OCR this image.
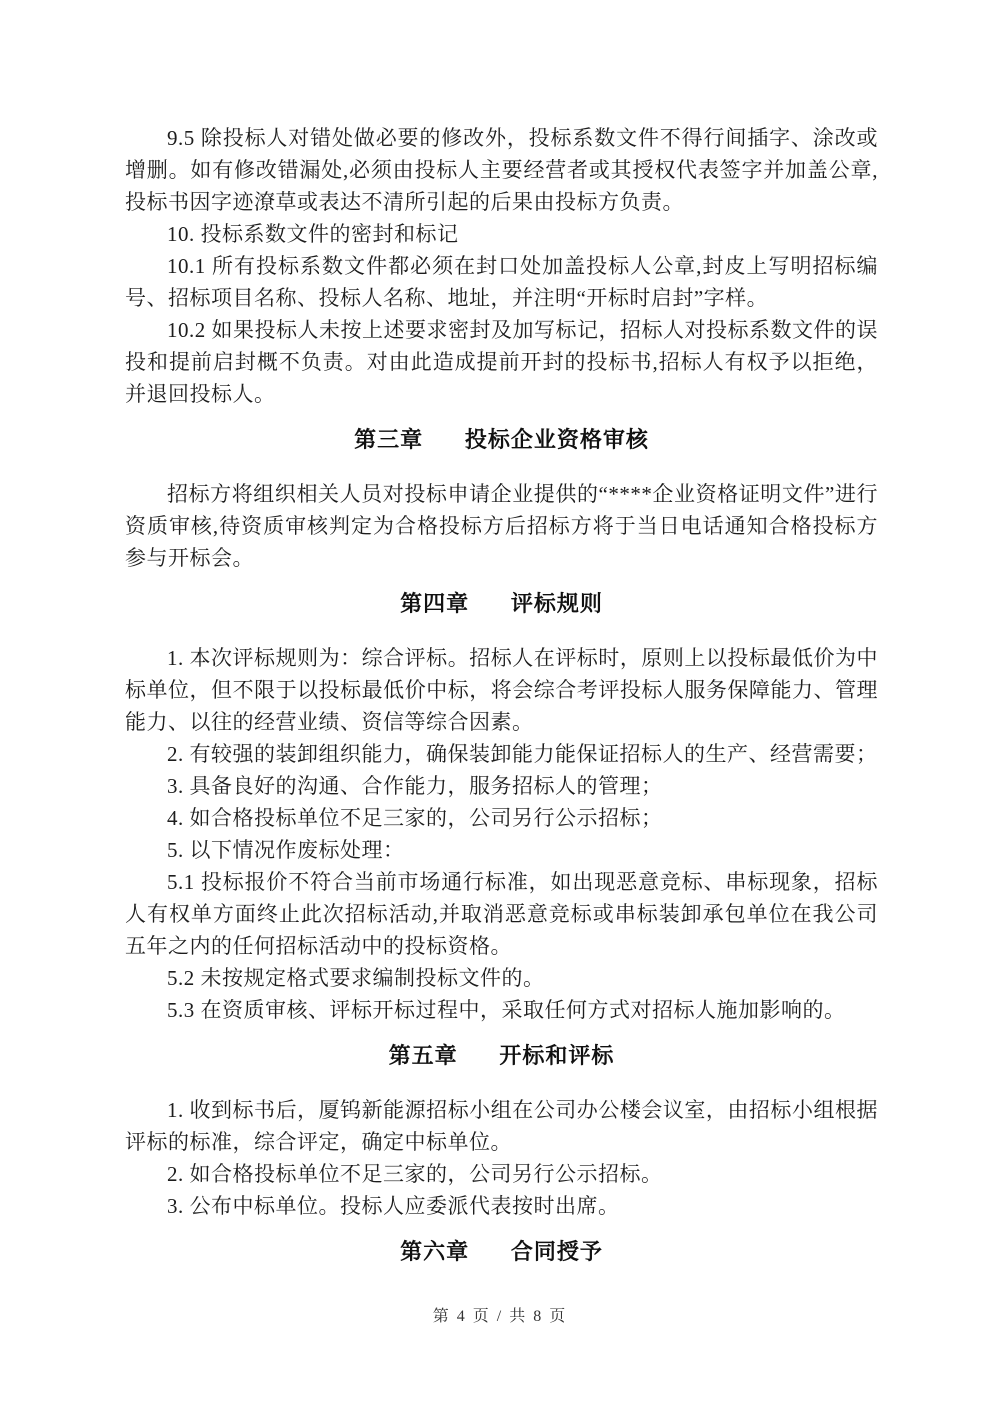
9.5 除投标人对错处做必要的修改外，投标系数文件不得行间插字、涂改或增删。如有修改错漏处,必须由投标人主要经营者或其授权代表签字并加盖公章,投标书因字迹潦草或表达不清所引起的后果由投标方负责。

10. 投标系数文件的密封和标记

10.1 所有投标系数文件都必须在封口处加盖投标人公章,封皮上写明招标编号、招标项目名称、投标人名称、地址，并注明“开标时启封”字样。

10.2 如果投标人未按上述要求密封及加写标记，招标人对投标系数文件的误投和提前启封概不负责。对由此造成提前开封的投标书,招标人有权予以拒绝，并退回投标人。

第三章 投标企业资格审核

招标方将组织相关人员对投标申请企业提供的“****企业资格证明文件”进行资质审核,待资质审核判定为合格投标方后招标方将于当日电话通知合格投标方参与开标会。

第四章 评标规则

1. 本次评标规则为：综合评标。招标人在评标时，原则上以投标最低价为中标单位，但不限于以投标最低价中标，将会综合考评投标人服务保障能力、管理能力、以往的经营业绩、资信等综合因素。

2. 有较强的装卸组织能力，确保装卸能力能保证招标人的生产、经营需要；

3. 具备良好的沟通、合作能力，服务招标人的管理；

4. 如合格投标单位不足三家的，公司另行公示招标；

5. 以下情况作废标处理：

5.1 投标报价不符合当前市场通行标准，如出现恶意竞标、串标现象，招标人有权单方面终止此次招标活动,并取消恶意竞标或串标装卸承包单位在我公司五年之内的任何招标活动中的投标资格。

5.2 未按规定格式要求编制投标文件的。

5.3 在资质审核、评标开标过程中，采取任何方式对招标人施加影响的。

第五章 开标和评标

1. 收到标书后，厦钨新能源招标小组在公司办公楼会议室，由招标小组根据评标的标准，综合评定，确定中标单位。

2. 如合格投标单位不足三家的，公司另行公示招标。

3. 公布中标单位。投标人应委派代表按时出席。

第六章 合同授予
第 4 页 / 共 8 页
